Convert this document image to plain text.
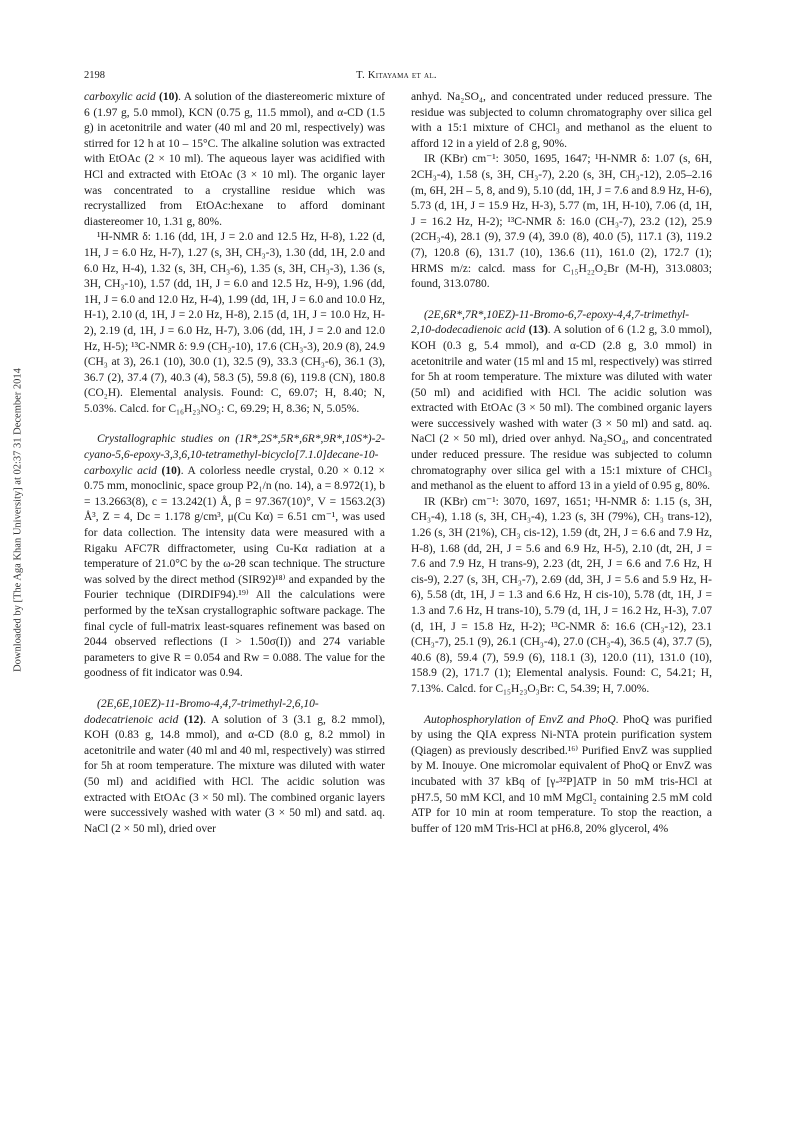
2198	T. Kitayama et al.
Downloaded by [The Aga Khan University] at 02:37 31 December 2014

carboxylic acid (10). A solution of the diastereomeric mixture of 6 (1.97 g, 5.0 mmol), KCN (0.75 g, 11.5 mmol), and α-CD (1.5 g) in acetonitrile and water (40 ml and 20 ml, respectively) was stirred for 12 h at 10 – 15°C. The alkaline solution was extracted with EtOAc (2 × 10 ml). The aqueous layer was acidified with HCl and extracted with EtOAc (3 × 10 ml). The organic layer was concentrated to a crystalline residue which was recrystallized from EtOAc:hexane to afford dominant diastereomer 10, 1.31 g, 80%.

¹H-NMR δ: 1.16 (dd, 1H, J = 2.0 and 12.5 Hz, H-8), 1.22 (d, 1H, J = 6.0 Hz, H-7), 1.27 (s, 3H, CH₃-3), 1.30 (dd, 1H, 2.0 and 6.0 Hz, H-4), 1.32 (s, 3H, CH₃-6), 1.35 (s, 3H, CH₃-3), 1.36 (s, 3H, CH₃-10), 1.57 (dd, 1H, J = 6.0 and 12.5 Hz, H-9), 1.96 (dd, 1H, J = 6.0 and 12.0 Hz, H-4), 1.99 (dd, 1H, J = 6.0 and 10.0 Hz, H-1), 2.10 (d, 1H, J = 2.0 Hz, H-8), 2.15 (d, 1H, J = 10.0 Hz, H-2), 2.19 (d, 1H, J = 6.0 Hz, H-7), 3.06 (dd, 1H, J = 2.0 and 12.0 Hz, H-5); ¹³C-NMR δ: 9.9 (CH₃-10), 17.6 (CH₃-3), 20.9 (8), 24.9 (CH₃ at 3), 26.1 (10), 30.0 (1), 32.5 (9), 33.3 (CH₃-6), 36.1 (3), 36.7 (2), 37.4 (7), 40.3 (4), 58.3 (5), 59.8 (6), 119.8 (CN), 180.8 (CO₂H). Elemental analysis. Found: C, 69.07; H, 8.40; N, 5.03%. Calcd. for C₁₆H₂₃NO₃: C, 69.29; H, 8.36; N, 5.05%.

Crystallographic studies on (1R*,2S*,5R*,6R*,9R*,10S*)-2-cyano-5,6-epoxy-3,3,6,10-tetramethyl-bicyclo[7.1.0]decane-10-carboxylic acid (10). A colorless needle crystal, 0.20 × 0.12 × 0.75 mm, monoclinic, space group P2₁/n (no. 14), a = 8.972(1), b = 13.2663(8), c = 13.242(1) Å, β = 97.367(10)°, V = 1563.2(3) Å³, Z = 4, Dc = 1.178 g/cm³, μ(Cu Kα) = 6.51 cm⁻¹, was used for data collection. The intensity data were measured with a Rigaku AFC7R diffractometer, using Cu-Kα radiation at a temperature of 21.0°C by the ω-2θ scan technique. The structure was solved by the direct method (SIR92)¹⁸⁾ and expanded by the Fourier technique (DIRDIF94).¹⁹⁾ All the calculations were performed by the teXsan crystallographic software package. The final cycle of full-matrix least-squares refinement was based on 2044 observed reflections (I > 1.50σ(I)) and 274 variable parameters to give R = 0.054 and Rw = 0.088. The value for the goodness of fit indicator was 0.94.

(2E,6E,10EZ)-11-Bromo-4,4,7-trimethyl-2,6,10-dodecatrienoic acid (12). A solution of 3 (3.1 g, 8.2 mmol), KOH (0.83 g, 14.8 mmol), and α-CD (8.0 g, 8.2 mmol) in acetonitrile and water (40 ml and 40 ml, respectively) was stirred for 5h at room temperature. The mixture was diluted with water (50 ml) and acidified with HCl. The acidic solution was extracted with EtOAc (3 × 50 ml). The combined organic layers were successively washed with water (3 × 50 ml) and satd. aq. NaCl (2 × 50 ml), dried over

anhyd. Na₂SO₄, and concentrated under reduced pressure. The residue was subjected to column chromatography over silica gel with a 15:1 mixture of CHCl₃ and methanol as the eluent to afford 12 in a yield of 2.8 g, 90%.

IR (KBr) cm⁻¹: 3050, 1695, 1647; ¹H-NMR δ: 1.07 (s, 6H, 2CH₃-4), 1.58 (s, 3H, CH₃-7), 2.20 (s, 3H, CH₃-12), 2.05–2.16 (m, 6H, 2H – 5, 8, and 9), 5.10 (dd, 1H, J = 7.6 and 8.9 Hz, H-6), 5.73 (d, 1H, J = 15.9 Hz, H-3), 5.77 (m, 1H, H-10), 7.06 (d, 1H, J = 16.2 Hz, H-2); ¹³C-NMR δ: 16.0 (CH₃-7), 23.2 (12), 25.9 (2CH₃-4), 28.1 (9), 37.9 (4), 39.0 (8), 40.0 (5), 117.1 (3), 119.2 (7), 120.8 (6), 131.7 (10), 136.6 (11), 161.0 (2), 172.7 (1); HRMS m/z: calcd. mass for C₁₅H₂₂O₂Br (M-H), 313.0803; found, 313.0780.

(2E,6R*,7R*,10EZ)-11-Bromo-6,7-epoxy-4,4,7-trimethyl-2,10-dodecadienoic acid (13). A solution of 6 (1.2 g, 3.0 mmol), KOH (0.3 g, 5.4 mmol), and α-CD (2.8 g, 3.0 mmol) in acetonitrile and water (15 ml and 15 ml, respectively) was stirred for 5h at room temperature. The mixture was diluted with water (50 ml) and acidified with HCl. The acidic solution was extracted with EtOAc (3 × 50 ml). The combined organic layers were successively washed with water (3 × 50 ml) and satd. aq. NaCl (2 × 50 ml), dried over anhyd. Na₂SO₄, and concentrated under reduced pressure. The residue was subjected to column chromatography over silica gel with a 15:1 mixture of CHCl₃ and methanol as the eluent to afford 13 in a yield of 0.95 g, 80%.

IR (KBr) cm⁻¹: 3070, 1697, 1651; ¹H-NMR δ: 1.15 (s, 3H, CH₃-4), 1.18 (s, 3H, CH₃-4), 1.23 (s, 3H (79%), CH₃ trans-12), 1.26 (s, 3H (21%), CH₃ cis-12), 1.59 (dt, 2H, J = 6.6 and 7.9 Hz, H-8), 1.68 (dd, 2H, J = 5.6 and 6.9 Hz, H-5), 2.10 (dt, 2H, J = 7.6 and 7.9 Hz, H trans-9), 2.23 (dt, 2H, J = 6.6 and 7.6 Hz, H cis-9), 2.27 (s, 3H, CH₃-7), 2.69 (dd, 3H, J = 5.6 and 5.9 Hz, H-6), 5.58 (dt, 1H, J = 1.3 and 6.6 Hz, H cis-10), 5.78 (dt, 1H, J = 1.3 and 7.6 Hz, H trans-10), 5.79 (d, 1H, J = 16.2 Hz, H-3), 7.07 (d, 1H, J = 15.8 Hz, H-2); ¹³C-NMR δ: 16.6 (CH₃-12), 23.1 (CH₃-7), 25.1 (9), 26.1 (CH₃-4), 27.0 (CH₃-4), 36.5 (4), 37.7 (5), 40.6 (8), 59.4 (7), 59.9 (6), 118.1 (3), 120.0 (11), 131.0 (10), 158.9 (2), 171.7 (1); Elemental analysis. Found: C, 54.21; H, 7.13%. Calcd. for C₁₅H₂₃O₃Br: C, 54.39; H, 7.00%.

Autophosphorylation of EnvZ and PhoQ. PhoQ was purified by using the QIA express Ni-NTA protein purification system (Qiagen) as previously described.¹⁶⁾ Purified EnvZ was supplied by M. Inouye. One micromolar equivalent of PhoQ or EnvZ was incubated with 37 kBq of [γ-³²P]ATP in 50 mM tris-HCl at pH7.5, 50 mM KCl, and 10 mM MgCl₂ containing 2.5 mM cold ATP for 10 min at room temperature. To stop the reaction, a buffer of 120 mM Tris-HCl at pH6.8, 20% glycerol, 4%
